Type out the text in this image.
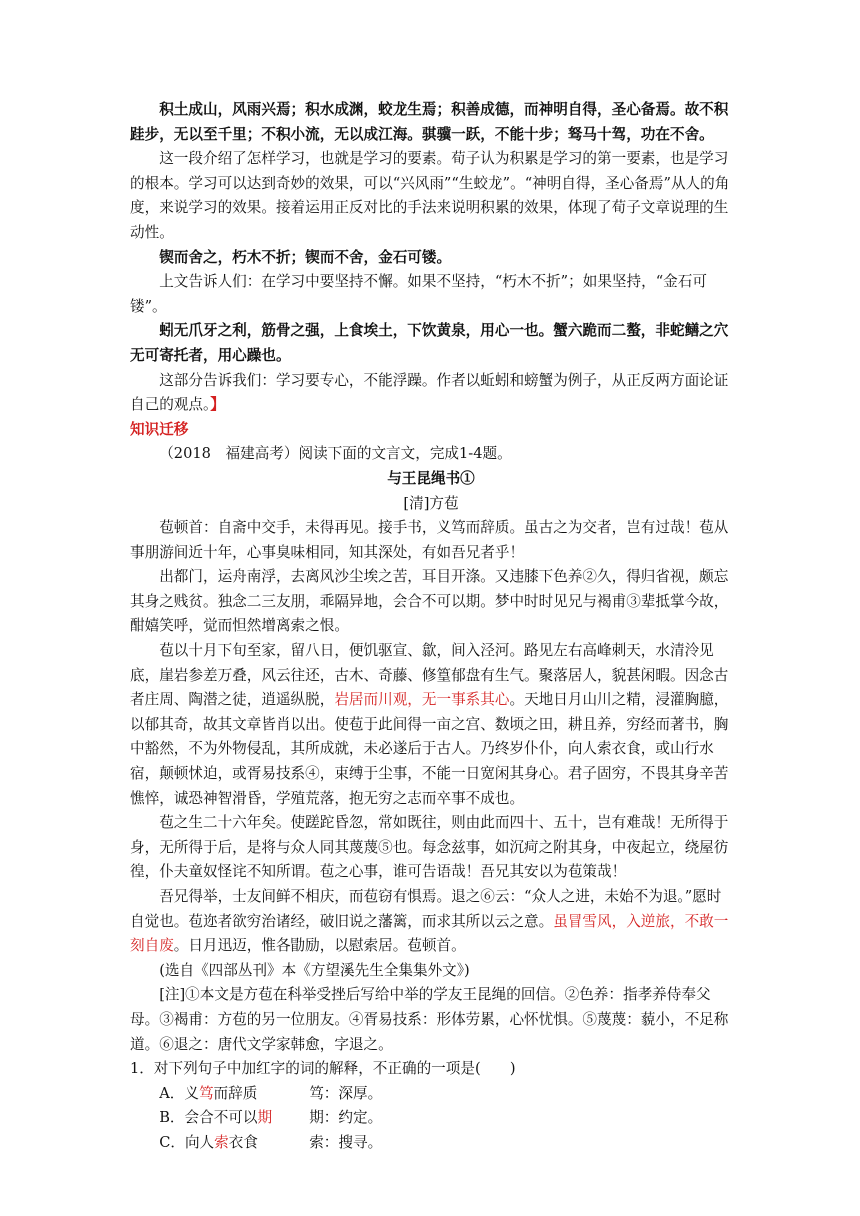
积土成山，风雨兴焉；积水成渊，蛟龙生焉；积善成德，而神明自得，圣心备焉。故不积跬步，无以至千里；不积小流，无以成江海。骐骥一跃，不能十步；驽马十驾，功在不舍。

这一段介绍了怎样学习，也就是学习的要素。荀子认为积累是学习的第一要素，也是学习的根本。学习可以达到奇妙的效果，可以“兴风雨”“生蛟龙”。“神明自得，圣心备焉”从人的角度，来说学习的效果。接着运用正反对比的手法来说明积累的效果，体现了荀子文章说理的生动性。

锲而舍之，朽木不折；锲而不舍，金石可镂。

上文告诉人们：在学习中要坚持不懈。如果不坚持，“朽木不折”；如果坚持，“金石可镂”。

蚓无爪牙之利，筋骨之强，上食埃土，下饮黄泉，用心一也。蟹六跪而二螯，非蛇鳝之穴无可寄托者，用心躁也。

这部分告诉我们：学习要专心，不能浮躁。作者以蚯蚓和螃蟹为例子，从正反两方面论证自己的观点。】

知识迁移

（2018　福建高考）阅读下面的文言文，完成1-4题。

与王昆绳书①

[清]方苞

苞顿首：自斋中交手，未得再见。接手书，义笃而辞质。虽古之为交者，岂有过哉！苞从事朋游间近十年，心事臭味相同，知其深处，有如吾兄者乎！

出都门，运舟南浮，去离风沙尘埃之苦，耳目开涤。又违膝下色养②久，得归省视，颇忘其身之贱贫。独念二三友朋，乖隔异地，会合不可以期。梦中时时见兄与褐甫③辈抵掌今故，酣嬉笑呼，觉而怛然增离索之恨。

苞以十月下旬至家，留八日，便饥驱宣、歙，间入泾河。路见左右高峰刺天，水清泠见底，崖岩参差万叠，风云往还，古木、奇藤、修篁郁盘有生气。聚落居人，貌甚闲暇。因念古者庄周、陶潜之徒，逍遥纵脱，岩居而川观，无一事系其心。天地日月山川之精，浸灌胸臆，以郁其奇，故其文章皆肖以出。使苞于此间得一亩之宫、数顷之田，耕且养，穷经而著书，胸中豁然，不为外物侵乱，其所成就，未必遂后于古人。乃终岁仆仆，向人索衣食，或山行水宿，颠顿怵迫，或胥易技系④，束缚于尘事，不能一日宽闲其身心。君子固穷，不畏其身辛苦憔悴，诚恐神智滑昏，学殖荒落，抱无穷之志而卒事不成也。

苞之生二十六年矣。使蹉跎昏忽，常如既往，则由此而四十、五十，岂有难哉！无所得于身，无所得于后，是将与众人同其蔑蔑⑤也。每念兹事，如沉疴之附其身，中夜起立，绕屋彷徨，仆夫童奴怪诧不知所谓。苞之心事，谁可告语哉！吾兄其安以为苞策哉！

吾兄得举，士友间鲜不相庆，而苞窃有惧焉。退之⑥云：“众人之进，未始不为退。”愿时自觉也。苞迩者欲穷治诸经，破旧说之藩篱，而求其所以云之意。虽冒雪风，入逆旅，不敢一刻自废。日月迅迈，惟各勖励，以慰索居。苞顿首。

(选自《四部丛刊》本《方望溪先生全集集外文》)

[注]①本文是方苞在科举受挫后写给中举的学友王昆绳的回信。②色养：指孝养侍奉父母。③褐甫：方苞的另一位朋友。④胥易技系：形体劳累，心怀忧惧。⑤蔑蔑：藐小，不足称道。⑥退之：唐代文学家韩愈，字退之。

1．对下列句子中加红字的词的解释，不正确的一项是(　　)

A．义笃而辞质	笃：深厚。
B．会合不可以期	期：约定。
C．向人索衣食	索：搜寻。
